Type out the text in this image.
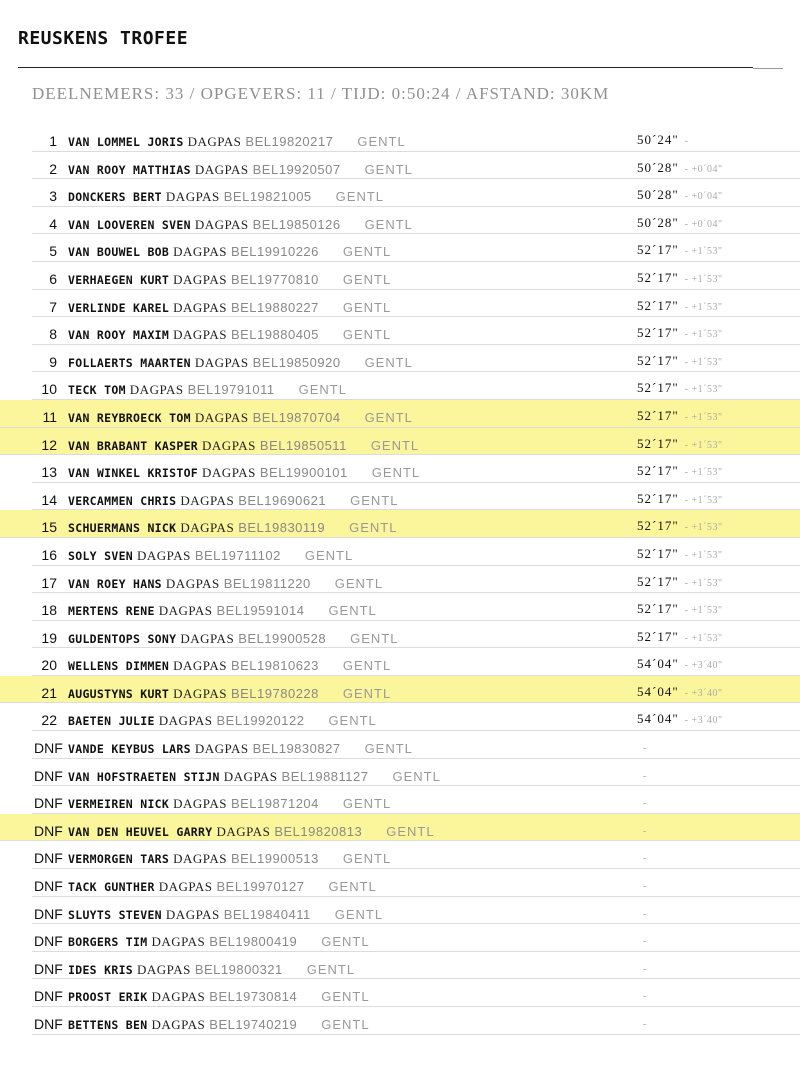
REUSKENS TROFEE
DEELNEMERS: 33 / OPGEVERS: 11 / TIJD: 0:50:24 / AFSTAND: 30KM
1 VAN LOMMEL JORIS DAGPAS BEL19820217 GENTL	50´24" -
2 VAN ROOY MATTHIAS DAGPAS BEL19920507 GENTL	50´28" - +0´04"
3 DONCKERS BERT DAGPAS BEL19821005 GENTL	50´28" - +0´04"
4 VAN LOOVEREN SVEN DAGPAS BEL19850126 GENTL	50´28" - +0´04"
5 VAN BOUWEL BOB DAGPAS BEL19910226 GENTL	52´17" - +1´53"
6 VERHAEGEN KURT DAGPAS BEL19770810 GENTL	52´17" - +1´53"
7 VERLINDE KAREL DAGPAS BEL19880227 GENTL	52´17" - +1´53"
8 VAN ROOY MAXIM DAGPAS BEL19880405 GENTL	52´17" - +1´53"
9 FOLLAERTS MAARTEN DAGPAS BEL19850920 GENTL	52´17" - +1´53"
10 TECK TOM DAGPAS BEL19791011 GENTL	52´17" - +1´53"
11 VAN REYBROECK TOM DAGPAS BEL19870704 GENTL	52´17" - +1´53"
12 VAN BRABANT KASPER DAGPAS BEL19850511 GENTL	52´17" - +1´53"
13 VAN WINKEL KRISTOF DAGPAS BEL19900101 GENTL	52´17" - +1´53"
14 VERCAMMEN CHRIS DAGPAS BEL19690621 GENTL	52´17" - +1´53"
15 SCHUERMANS NICK DAGPAS BEL19830119 GENTL	52´17" - +1´53"
16 SOLY SVEN DAGPAS BEL19711102 GENTL	52´17" - +1´53"
17 VAN ROEY HANS DAGPAS BEL19811220 GENTL	52´17" - +1´53"
18 MERTENS RENE DAGPAS BEL19591014 GENTL	52´17" - +1´53"
19 GULDENTOPS SONY DAGPAS BEL19900528 GENTL	52´17" - +1´53"
20 WELLENS DIMMEN DAGPAS BEL19810623 GENTL	54´04" - +3´40"
21 AUGUSTYNS KURT DAGPAS BEL19780228 GENTL	54´04" - +3´40"
22 BAETEN JULIE DAGPAS BEL19920122 GENTL	54´04" - +3´40"
DNF VANDE KEYBUS LARS DAGPAS BEL19830827 GENTL	-
DNF VAN HOFSTRAETEN STIJN DAGPAS BEL19881127 GENTL	-
DNF VERMEIREN NICK DAGPAS BEL19871204 GENTL	-
DNF VAN DEN HEUVEL GARRY DAGPAS BEL19820813 GENTL	-
DNF VERMORGEN TARS DAGPAS BEL19900513 GENTL	-
DNF TACK GUNTHER DAGPAS BEL19970127 GENTL	-
DNF SLUYTS STEVEN DAGPAS BEL19840411 GENTL	-
DNF BORGERS TIM DAGPAS BEL19800419 GENTL	-
DNF IDES KRIS DAGPAS BEL19800321 GENTL	-
DNF PROOST ERIK DAGPAS BEL19730814 GENTL	-
DNF BETTENS BEN DAGPAS BEL19740219 GENTL	-
